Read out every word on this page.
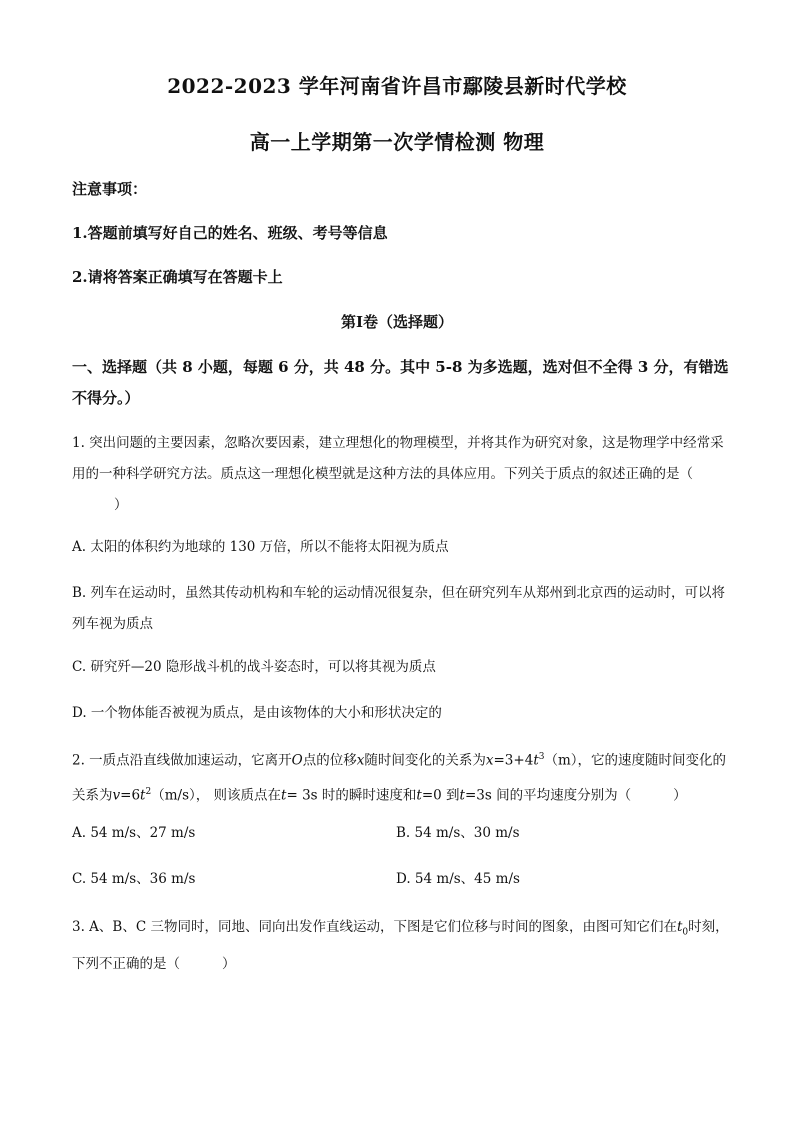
2022-2023 学年河南省许昌市鄢陵县新时代学校
高一上学期第一次学情检测 物理
注意事项：
1.答题前填写好自己的姓名、班级、考号等信息
2.请将答案正确填写在答题卡上
第I卷（选择题）
一、选择题（共 8 小题，每题 6 分，共 48 分。其中 5-8 为多选题，选对但不全得 3 分，有错选不得分。）
1. 突出问题的主要因素，忽略次要因素，建立理想化的物理模型，并将其作为研究对象，这是物理学中经常采用的一种科学研究方法。质点这一理想化模型就是这种方法的具体应用。下列关于质点的叙述正确的是（）
A. 太阳的体积约为地球的 130 万倍，所以不能将太阳视为质点
B. 列车在运动时，虽然其传动机构和车轮的运动情况很复杂，但在研究列车从郑州到北京西的运动时，可以将列车视为质点
C. 研究歼—20 隐形战斗机的战斗姿态时，可以将其视为质点
D. 一个物体能否被视为质点，是由该物体的大小和形状决定的
2. 一质点沿直线做加速运动，它离开O点的位移x随时间变化的关系为$x=3+4t^3(m)$，它的速度随时间变化的关系为$v=6t^2(m/s)$， 则该质点在t= 3s 时的瞬时速度和t=0 到t=3s 间的平均速度分别为（	）
A. 54 m/s、27 m/s	B. 54 m/s、30 m/s
C. 54 m/s、36 m/s	D. 54 m/s、45 m/s
3. A、B、C 三物同时，同地、同向出发作直线运动，下图是它们位移与时间的图象，由图可知它们在$t_0$时刻，下列不正确的是（	）
